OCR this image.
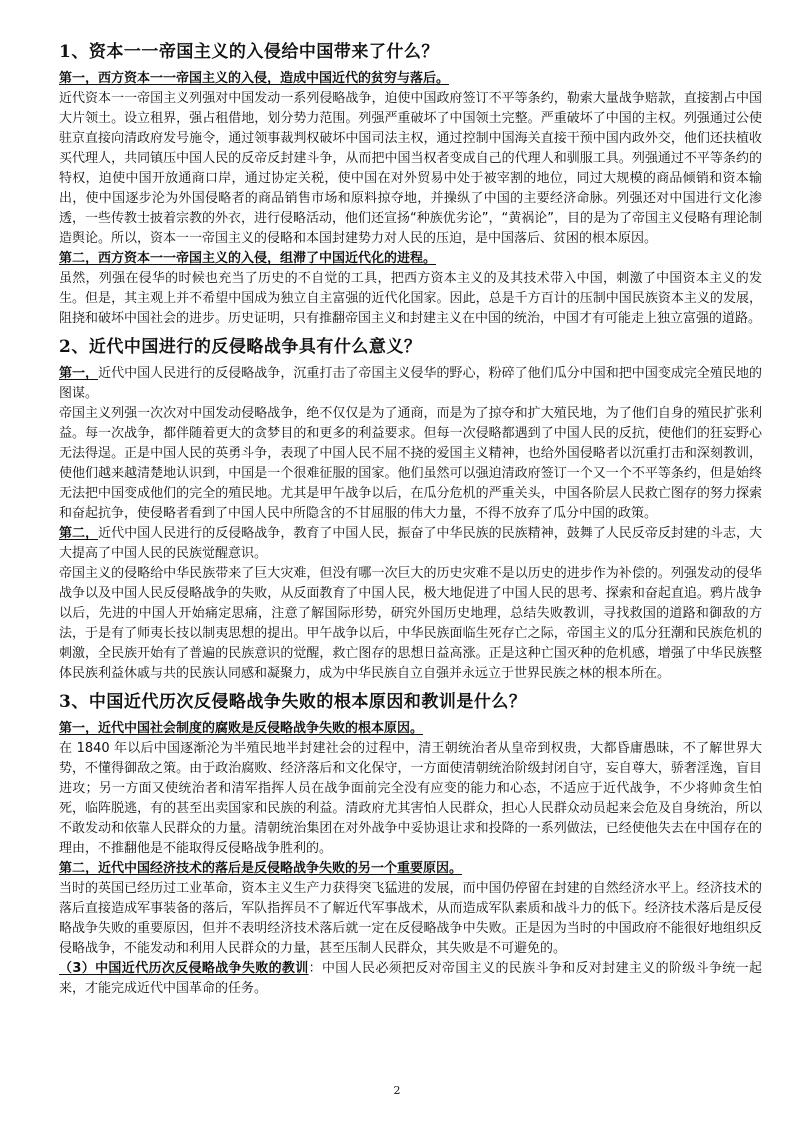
1、资本一一帝国主义的入侵给中国带来了什么？

第一，西方资本一一帝国主义的入侵，造成中国近代的贫穷与落后。

近代资本一一帝国主义列强对中国发动一系列侵略战争，迫使中国政府签订不平等条约，勒索大量战争赔款，直接割占中国大片领土。设立租界，强占租借地，划分势力范围。列强严重破坏了中国领土完整。严重破坏了中国的主权。列强通过公使驻京直接向清政府发号施令，通过领事裁判权破坏中国司法主权，通过控制中国海关直接干预中国内政外交，他们还扶植收买代理人，共同镇压中国人民的反帝反封建斗争，从而把中国当权者变成自己的代理人和驯服工具。列强通过不平等条约的特权，迫使中国开放通商口岸，通过协定关税，使中国在对外贸易中处于被宰割的地位，同过大规模的商品倾销和资本输出，使中国逐步沦为外国侵略者的商品销售市场和原料掠夺地，并操纵了中国的主要经济命脉。列强还对中国进行文化渗透，一些传教士披着宗教的外衣，进行侵略活动，他们还宣扬“种族优劣论”，“黄祸论”，目的是为了帝国主义侵略有理论制造舆论。所以，资本一一帝国主义的侵略和本国封建势力对人民的压迫，是中国落后、贫困的根本原因。

第二，西方资本一一帝国主义的入侵，组滞了中国近代化的进程。

虽然，列强在侵华的时候也充当了历史的不自觉的工具，把西方资本主义的及其技术带入中国，刺激了中国资本主义的发生。但是，其主观上并不希望中国成为独立自主富强的近代化国家。因此，总是千方百计的压制中国民族资本主义的发展，阻挠和破坏中国社会的进步。历史证明，只有推翻帝国主义和封建主义在中国的统治，中国才有可能走上独立富强的道路。

2、近代中国进行的反侵略战争具有什么意义？

第一，近代中国人民进行的反侵略战争，沉重打击了帝国主义侵华的野心，粉碎了他们瓜分中国和把中国变成完全殖民地的图谋。

帝国主义列强一次次对中国发动侵略战争，绝不仅仅是为了通商，而是为了掠夺和扩大殖民地，为了他们自身的殖民扩张利益。每一次战争，都伴随着更大的贪梦目的和更多的利益要求。但每一次侵略都遇到了中国人民的反抗，使他们的狂妄野心无法得逞。正是中国人民的英勇斗争，表现了中国人民不屈不挠的爱国主义精神，也给外国侵略者以沉重打击和深刻教训，使他们越来越清楚地认识到，中国是一个很难征服的国家。他们虽然可以强迫清政府签订一个又一个不平等条约，但是始终无法把中国变成他们的完全的殖民地。尤其是甲午战争以后，在瓜分危机的严重关头，中国各阶层人民救亡图存的努力探索和奋起抗争，使侵略者看到了中国人民中所隐含的不甘屈服的伟大力量，不得不放弃了瓜分中国的政策。

第二，近代中国人民进行的反侵略战争，教育了中国人民，振奋了中华民族的民族精神，鼓舞了人民反帝反封建的斗志，大大提高了中国人民的民族觉醒意识。

帝国主义的侵略给中华民族带来了巨大灾难，但没有哪一次巨大的历史灾难不是以历史的进步作为补偿的。列强发动的侵华战争以及中国人民反侵略战争的失败，从反面教育了中国人民，极大地促进了中国人民的思考、探索和奋起直追。鸦片战争以后，先进的中国人开始痛定思痛，注意了解国际形势，研究外国历史地理，总结失败教训，寻找救国的道路和御敌的方法，于是有了师夷长技以制夷思想的提出。甲午战争以后，中华民族面临生死存亡之际，帝国主义的瓜分狂潮和民族危机的刺激，全民族开始有了普遍的民族意识的觉醒，救亡图存的思想日益高涨。正是这种亡国灭种的危机感，增强了中华民族整体民族利益休戚与共的民族认同感和凝聚力，成为中华民族自立自强并永远立于世界民族之林的根本所在。

3、中国近代历次反侵略战争失败的根本原因和教训是什么？

第一，近代中国社会制度的腐败是反侵略战争失败的根本原因。

在 1840 年以后中国逐渐沦为半殖民地半封建社会的过程中，清王朝统治者从皇帝到权贵，大都昏庸愚昧，不了解世界大势，不懂得御敌之策。由于政治腐败、经济落后和文化保守，一方面使清朝统治阶级封闭自守，妄自尊大，骄奢淫逸，盲目进攻；另一方面又使统治者和清军指挥人员在战争面前完全没有应变的能力和心态，不适应于近代战争，不少将帅贪生怕死，临阵脱逃，有的甚至出卖国家和民族的利益。清政府尤其害怕人民群众，担心人民群众动员起来会危及自身统治，所以不敢发动和依靠人民群众的力量。清朝统治集团在对外战争中妥协退让求和投降的一系列做法，已经使他失去在中国存在的理由，不推翻他是不能取得反侵略战争胜利的。

第二，近代中国经济技术的落后是反侵略战争失败的另一个重要原因。

当时的英国已经历过工业革命，资本主义生产力获得突飞猛进的发展，而中国仍停留在封建的自然经济水平上。经济技术的落后直接造成军事装备的落后，军队指挥员不了解近代军事战术，从而造成军队素质和战斗力的低下。经济技术落后是反侵略战争失败的重要原因，但并不表明经济技术落后就一定在反侵略战争中失败。正是因为当时的中国政府不能很好地组织反侵略战争，不能发动和利用人民群众的力量，甚至压制人民群众，其失败是不可避免的。

（3）中国近代历次反侵略战争失败的教训：中国人民必须把反对帝国主义的民族斗争和反对封建主义的阶级斗争统一起来，才能完成近代中国革命的任务。

2
